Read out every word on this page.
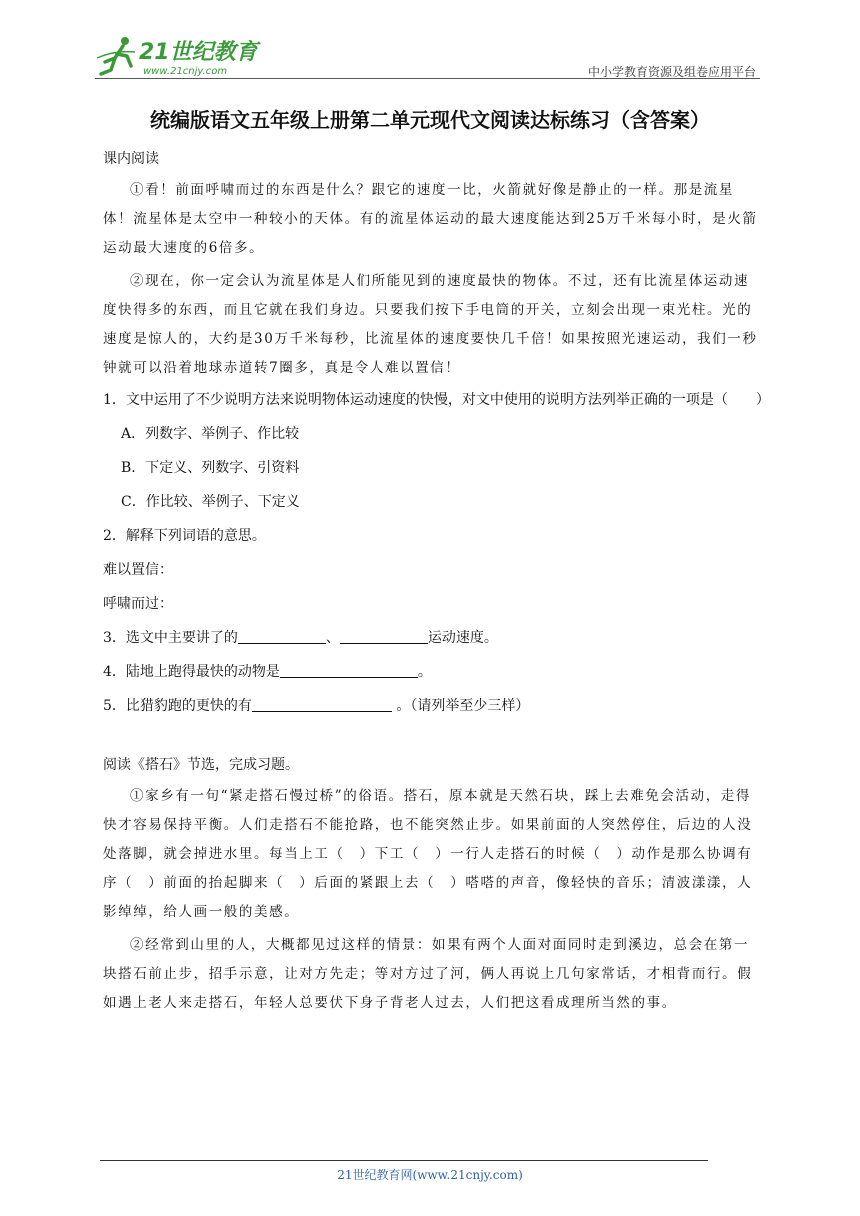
21世纪教育
www.21cnjy.com	中小学教育资源及组卷应用平台
统编版语文五年级上册第二单元现代文阅读达标练习（含答案）

课内阅读

①看！前面呼啸而过的东西是什么？跟它的速度一比，火箭就好像是静止的一样。那是流星体！流星体是太空中一种较小的天体。有的流星体运动的最大速度能达到25万千米每小时，是火箭运动最大速度的6倍多。

②现在，你一定会认为流星体是人们所能见到的速度最快的物体。不过，还有比流星体运动速度快得多的东西，而且它就在我们身边。只要我们按下手电筒的开关，立刻会出现一束光柱。光的速度是惊人的，大约是30万千米每秒，比流星体的速度要快几千倍！如果按照光速运动，我们一秒钟就可以沿着地球赤道转7圈多，真是令人难以置信！

1．文中运用了不少说明方法来说明物体运动速度的快慢，对文中使用的说明方法列举正确的一项是（　　）

A．列数字、举例子、作比较

B．下定义、列数字、引资料

C．作比较、举例子、下定义

2．解释下列词语的意思。

难以置信：

呼啸而过：

3．选文中主要讲了的	、	运动速度。

4．陆地上跑得最快的动物是	。

5．比猎豹跑的更快的有	。（请列举至少三样）

阅读《搭石》节选，完成习题。

①家乡有一句“紧走搭石慢过桥”的俗语。搭石，原本就是天然石块，踩上去难免会活动，走得快才容易保持平衡。人们走搭石不能抢路，也不能突然止步。如果前面的人突然停住，后边的人没处落脚，就会掉进水里。每当上工（　）下工（　）一行人走搭石的时候（　）动作是那么协调有序（　）前面的抬起脚来（　）后面的紧跟上去（　）嗒嗒的声音，像轻快的音乐；清波漾漾，人影绰绰，给人画一般的美感。

②经常到山里的人，大概都见过这样的情景：如果有两个人面对面同时走到溪边，总会在第一块搭石前止步，招手示意，让对方先走；等对方过了河，俩人再说上几句家常话，才相背而行。假如遇上老人来走搭石，年轻人总要伏下身子背老人过去，人们把这看成理所当然的事。

21世纪教育网(www.21cnjy.com)
